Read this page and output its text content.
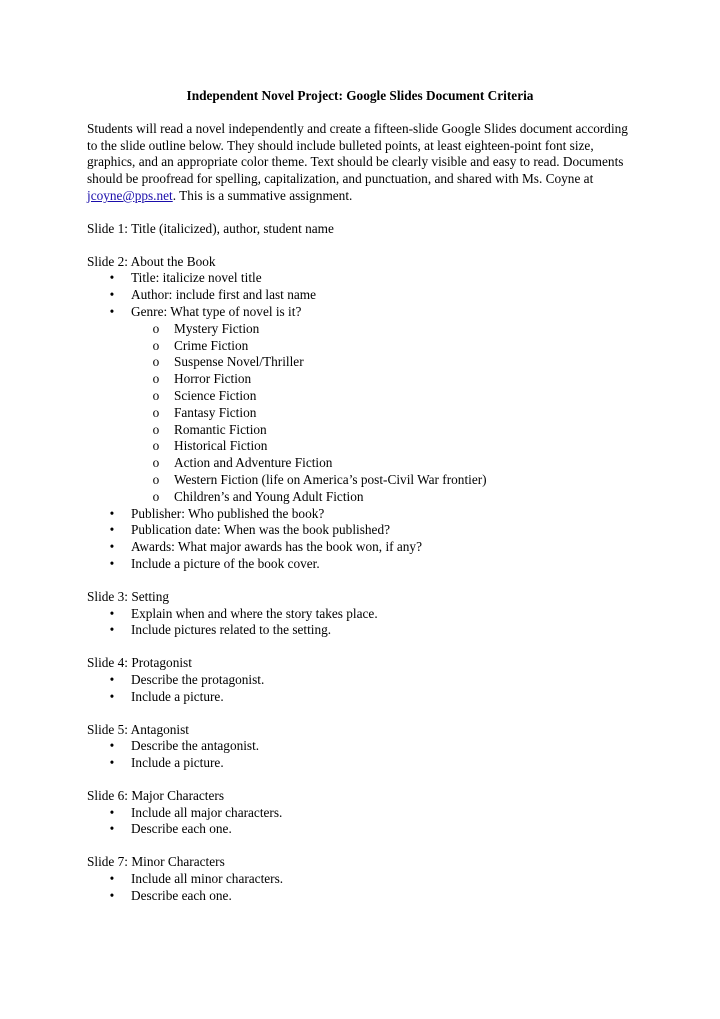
Independent Novel Project: Google Slides Document Criteria
Students will read a novel independently and create a fifteen-slide Google Slides document according to the slide outline below. They should include bulleted points, at least eighteen-point font size, graphics, and an appropriate color theme. Text should be clearly visible and easy to read. Documents should be proofread for spelling, capitalization, and punctuation, and shared with Ms. Coyne at jcoyne@pps.net. This is a summative assignment.
Slide 1: Title (italicized), author, student name
Slide 2: About the Book
• Title: italicize novel title
• Author: include first and last name
• Genre: What type of novel is it?
o Mystery Fiction
o Crime Fiction
o Suspense Novel/Thriller
o Horror Fiction
o Science Fiction
o Fantasy Fiction
o Romantic Fiction
o Historical Fiction
o Action and Adventure Fiction
o Western Fiction (life on America’s post-Civil War frontier)
o Children’s and Young Adult Fiction
• Publisher: Who published the book?
• Publication date: When was the book published?
• Awards: What major awards has the book won, if any?
• Include a picture of the book cover.
Slide 3: Setting
• Explain when and where the story takes place.
• Include pictures related to the setting.
Slide 4: Protagonist
• Describe the protagonist.
• Include a picture.
Slide 5: Antagonist
• Describe the antagonist.
• Include a picture.
Slide 6: Major Characters
• Include all major characters.
• Describe each one.
Slide 7: Minor Characters
• Include all minor characters.
• Describe each one.
